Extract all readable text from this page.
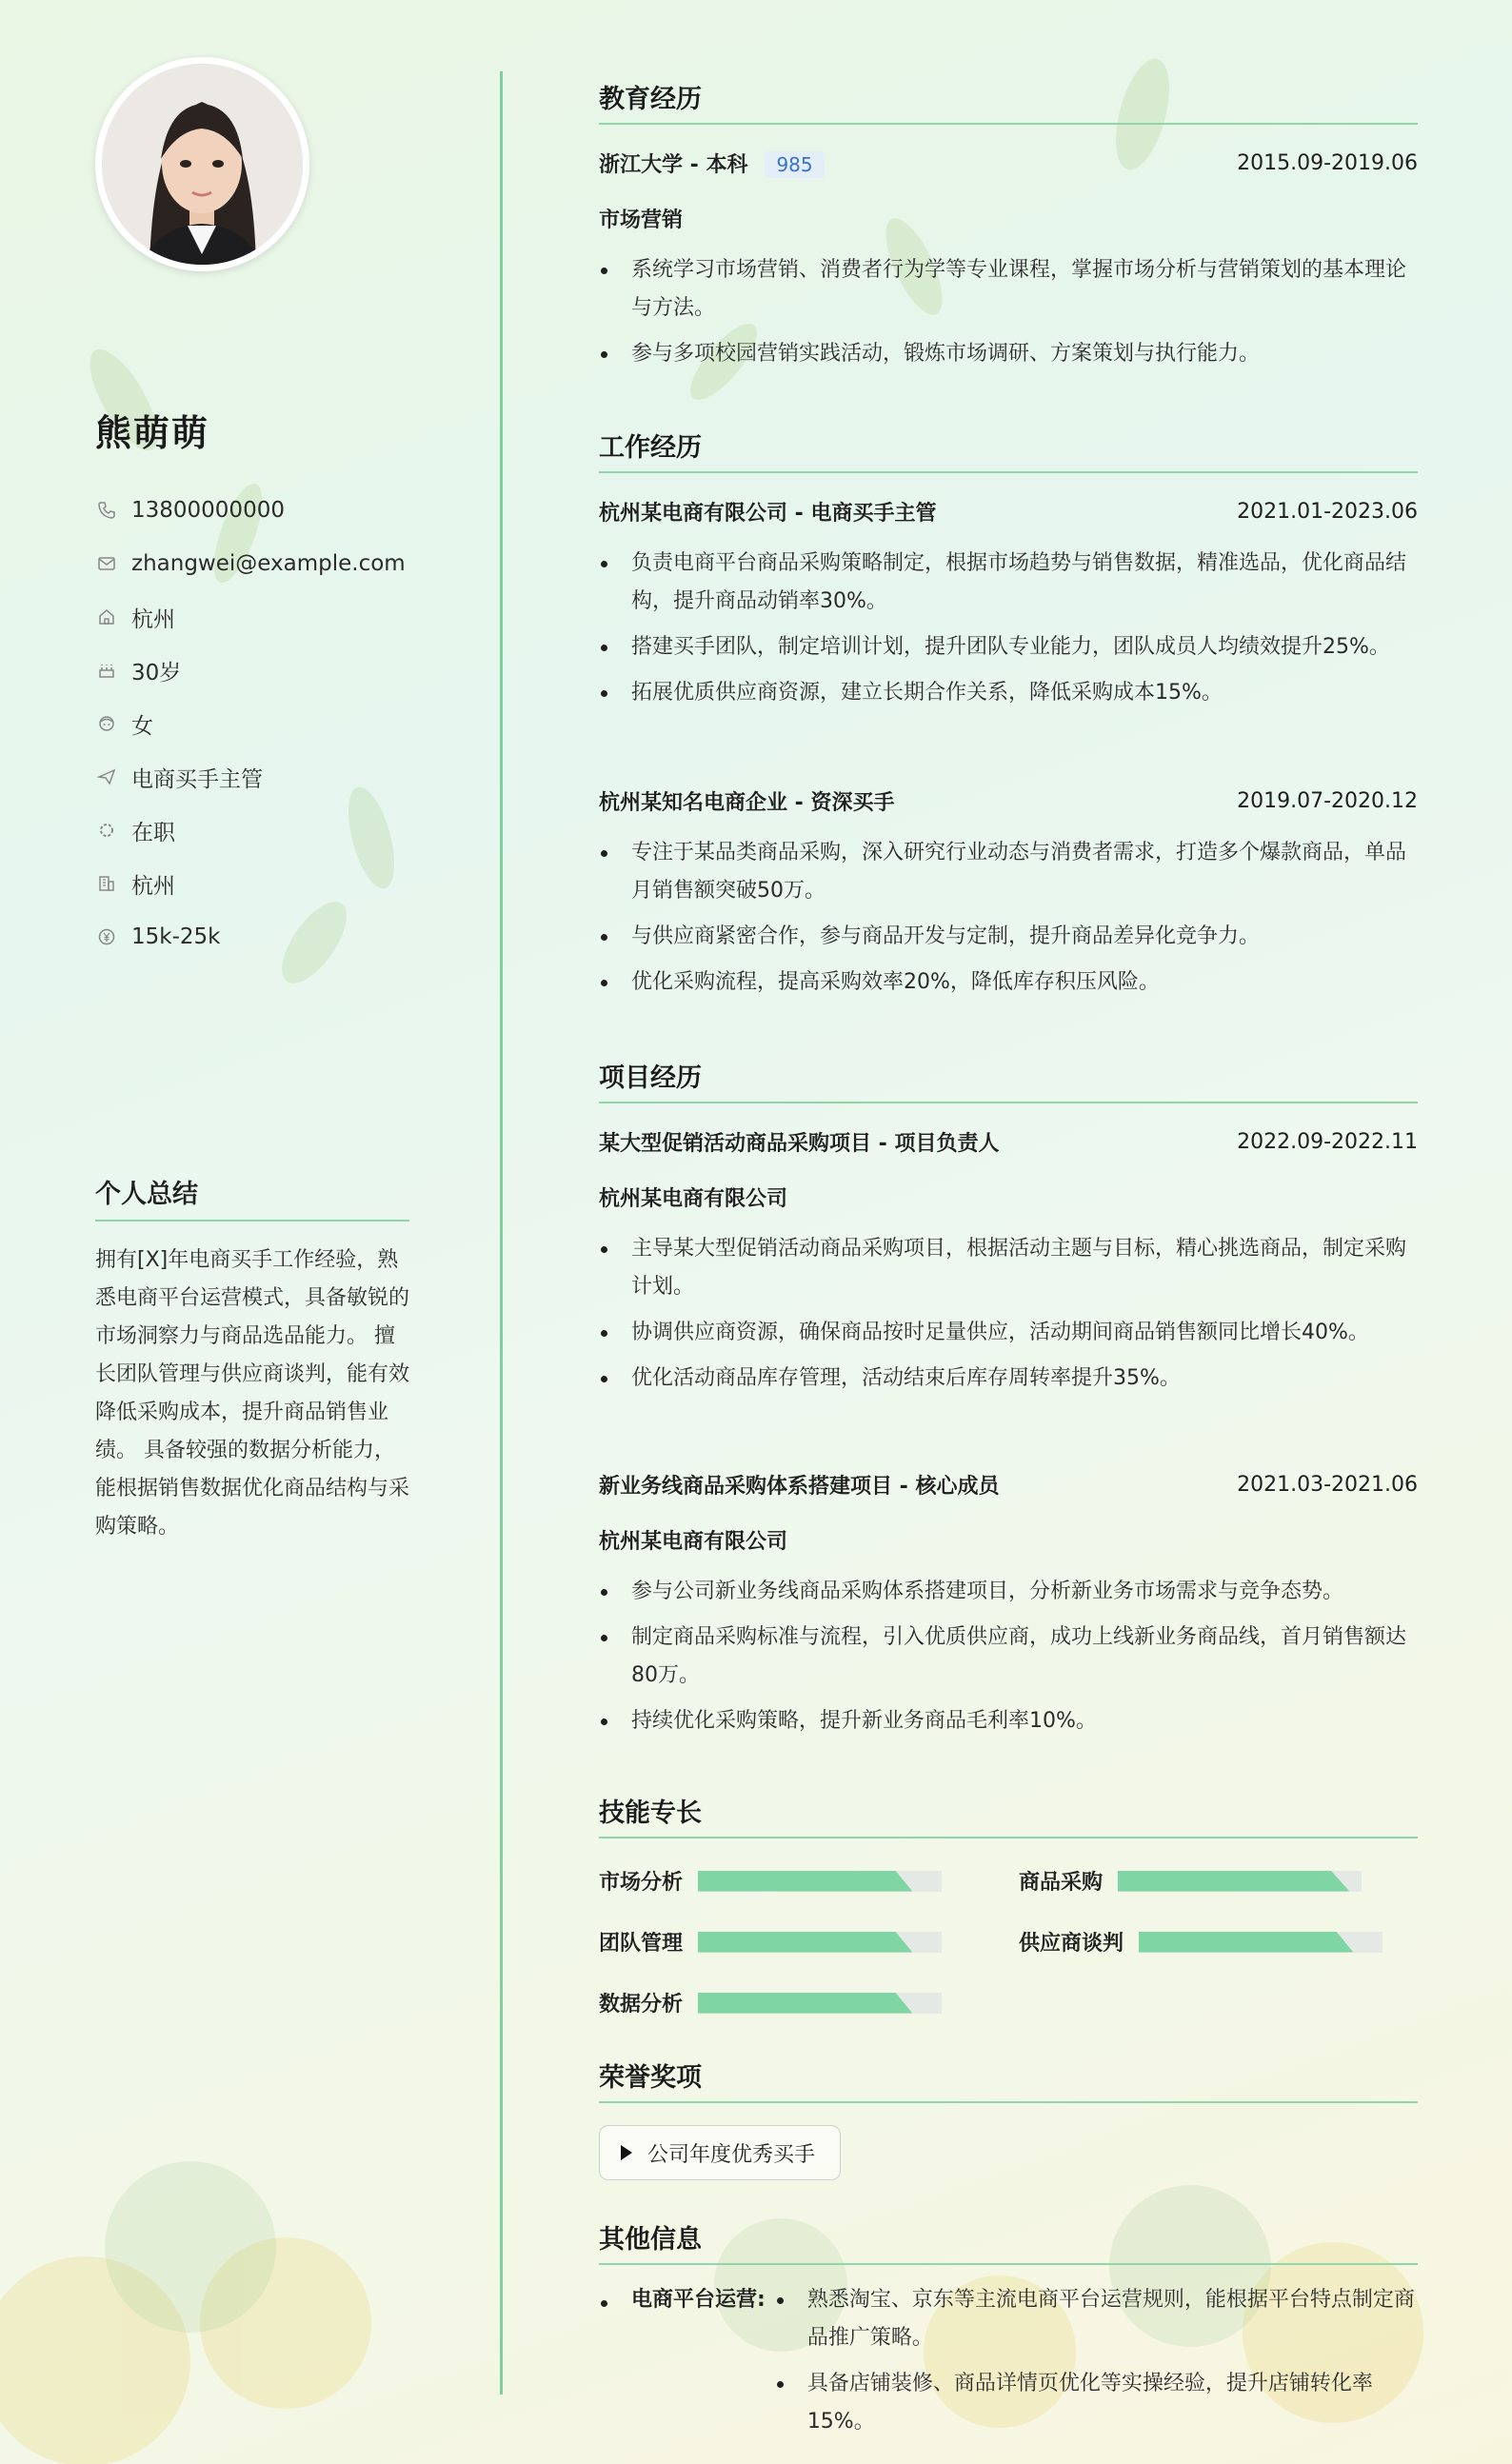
熊萌萌
13800000000
zhangwei@example.com
杭州
30岁
女
电商买手主管
在职
杭州
15k-25k
个人总结
拥有[X]年电商买手工作经验，熟悉电商平台运营模式，具备敏锐的市场洞察力与商品选品能力。 擅长团队管理与供应商谈判，能有效降低采购成本，提升商品销售业绩。 具备较强的数据分析能力，能根据销售数据优化商品结构与采购策略。
教育经历
浙江大学 - 本科 985	2015.09-2019.06
市场营销
系统学习市场营销、消费者行为学等专业课程，掌握市场分析与营销策划的基本理论与方法。
参与多项校园营销实践活动，锻炼市场调研、方案策划与执行能力。
工作经历
杭州某电商有限公司 - 电商买手主管	2021.01-2023.06
负责电商平台商品采购策略制定，根据市场趋势与销售数据，精准选品，优化商品结构，提升商品动销率30%。
搭建买手团队，制定培训计划，提升团队专业能力，团队成员人均绩效提升25%。
拓展优质供应商资源，建立长期合作关系，降低采购成本15%。
杭州某知名电商企业 - 资深买手	2019.07-2020.12
专注于某品类商品采购，深入研究行业动态与消费者需求，打造多个爆款商品，单品月销售额突破50万。
与供应商紧密合作，参与商品开发与定制，提升商品差异化竞争力。
优化采购流程，提高采购效率20%，降低库存积压风险。
项目经历
某大型促销活动商品采购项目 - 项目负责人	2022.09-2022.11
杭州某电商有限公司
主导某大型促销活动商品采购项目，根据活动主题与目标，精心挑选商品，制定采购计划。
协调供应商资源，确保商品按时足量供应，活动期间商品销售额同比增长40%。
优化活动商品库存管理，活动结束后库存周转率提升35%。
新业务线商品采购体系搭建项目 - 核心成员	2021.03-2021.06
杭州某电商有限公司
参与公司新业务线商品采购体系搭建项目，分析新业务市场需求与竞争态势。
制定商品采购标准与流程，引入优质供应商，成功上线新业务商品线，首月销售额达80万。
持续优化采购策略，提升新业务商品毛利率10%。
技能专长
市场分析	商品采购
团队管理	供应商谈判
数据分析
荣誉奖项
公司年度优秀买手
其他信息
电商平台运营:	熟悉淘宝、京东等主流电商平台运营规则，能根据平台特点制定商品推广策略。
具备店铺装修、商品详情页优化等实操经验，提升店铺转化率15%。
